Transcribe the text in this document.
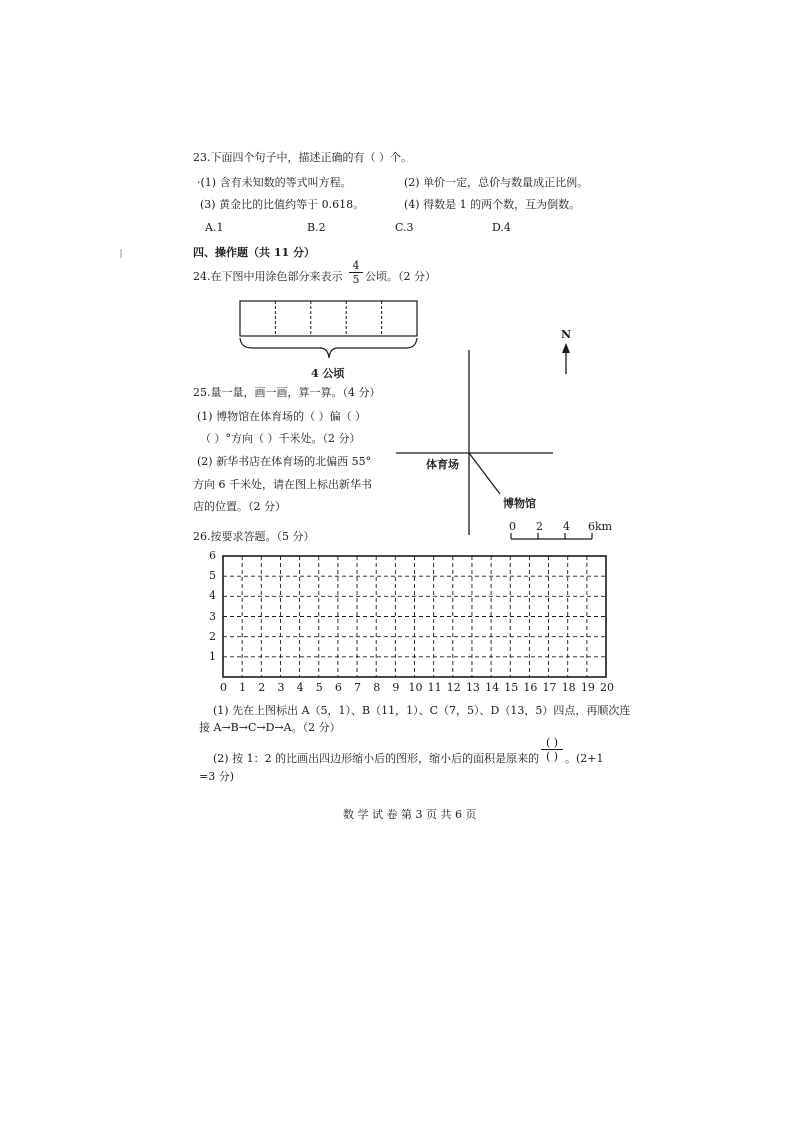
23.下面四个句子中，描述正确的有（ ）个。
·(1) 含有未知数的等式叫方程。	(2) 单价一定，总价与数量成正比例。
(3) 黄金比的比值约等于 0.618。	(4) 得数是 1 的两个数，互为倒数。
A.1	B.2	C.3	D.4
四、操作题（共 11 分）
24.在下图中用涂色部分来表示
4
5 公顷。（2 分）
4 公顷
25.量一量，画一画，算一算。（4 分）
(1) 博物馆在体育场的（ ）偏（ ）
（ ）°方向（ ）千米处。（2 分）
(2) 新华书店在体育场的北偏西 55°
方向 6 千米处，请在图上标出新华书
店的位置。（2 分）
N
体育场
博物馆
0 2 4 6km
26.按要求答题。（5 分）
6
5
4
3
2
1
0 1 2 3 4 5 6 7 8 9 10 11 12 13 14 15 16 17 18 19 20
(1) 先在上图标出 A（5，1）、B（11，1）、C（7，5）、D（13，5）四点，再顺次连
接 A→B→C→D→A。（2 分）
(2) 按 1：2 的比画出四边形缩小后的图形，缩小后的面积是原来的
( )
( ) 。(2+1
=3 分)
数 学 试 卷 第 3 页 共 6 页
